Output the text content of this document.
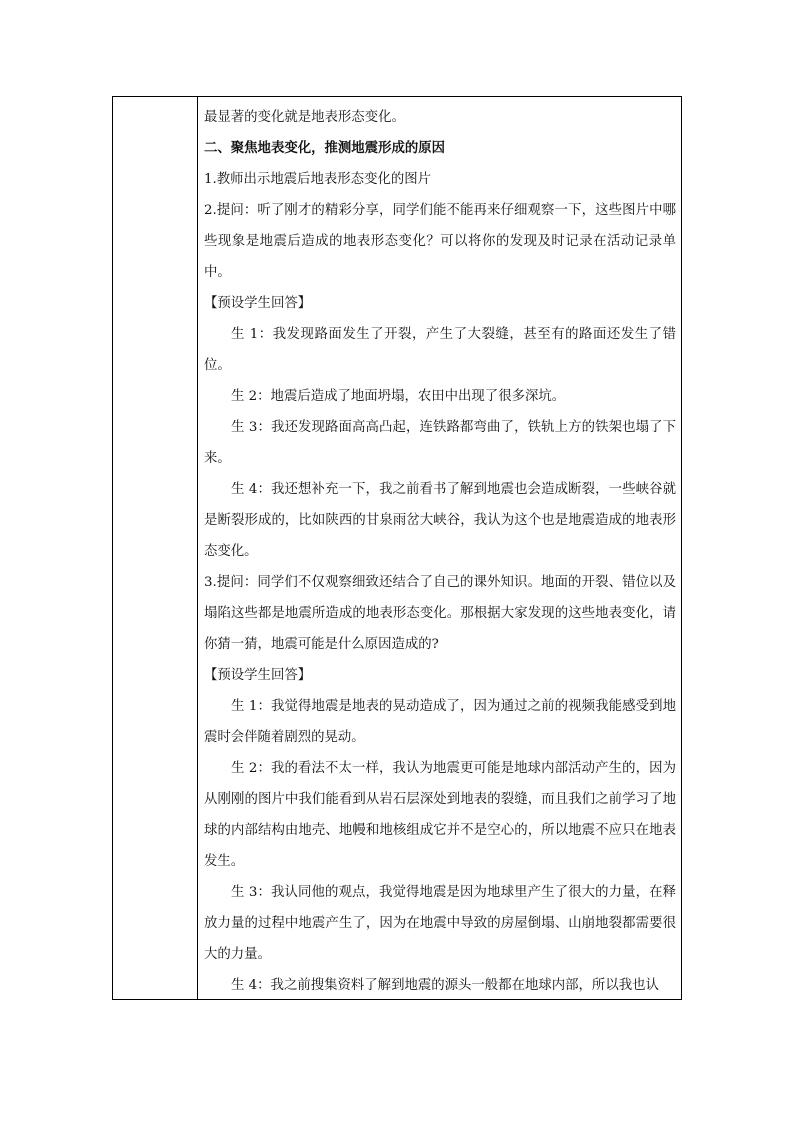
最显著的变化就是地表形态变化。

二、聚焦地表变化，推测地震形成的原因

1.教师出示地震后地表形态变化的图片

2.提问：听了刚才的精彩分享，同学们能不能再来仔细观察一下，这些图片中哪些现象是地震后造成的地表形态变化？可以将你的发现及时记录在活动记录单中。

【预设学生回答】

生 1：我发现路面发生了开裂，产生了大裂缝，甚至有的路面还发生了错位。

生 2：地震后造成了地面坍塌，农田中出现了很多深坑。

生 3：我还发现路面高高凸起，连铁路都弯曲了，铁轨上方的铁架也塌了下来。

生 4：我还想补充一下，我之前看书了解到地震也会造成断裂，一些峡谷就是断裂形成的，比如陕西的甘泉雨岔大峡谷，我认为这个也是地震造成的地表形态变化。

3.提问：同学们不仅观察细致还结合了自己的课外知识。地面的开裂、错位以及塌陷这些都是地震所造成的地表形态变化。那根据大家发现的这些地表变化，请你猜一猜，地震可能是什么原因造成的?

【预设学生回答】

生 1：我觉得地震是地表的晃动造成了，因为通过之前的视频我能感受到地震时会伴随着剧烈的晃动。

生 2：我的看法不太一样，我认为地震更可能是地球内部活动产生的，因为从刚刚的图片中我们能看到从岩石层深处到地表的裂缝，而且我们之前学习了地球的内部结构由地壳、地幔和地核组成它并不是空心的，所以地震不应只在地表发生。

生 3：我认同他的观点，我觉得地震是因为地球里产生了很大的力量，在释放力量的过程中地震产生了，因为在地震中导致的房屋倒塌、山崩地裂都需要很大的力量。

生 4：我之前搜集资料了解到地震的源头一般都在地球内部，所以我也认
